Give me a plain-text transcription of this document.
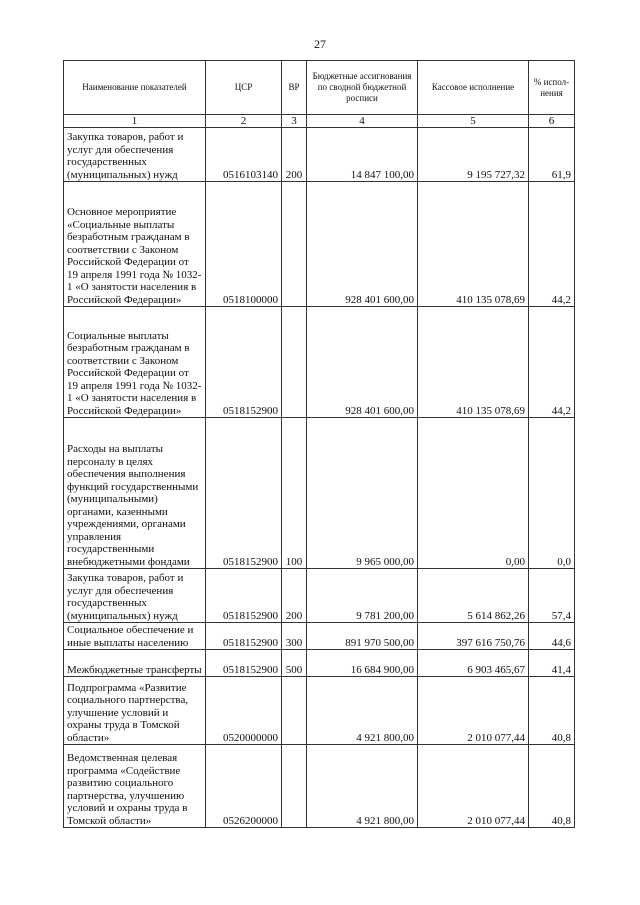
27
Наименование показателей	ЦСР	ВР	Бюджетные ассигнования по сводной бюджетной росписи	Кассовое исполнение	% испол-нения
1	2	3	4	5	6
Закупка товаров, работ и услуг для обеспечения государственных (муниципальных) нужд	0516103140	200	14 847 100,00	9 195 727,32	61,9
Основное мероприятие «Социальные выплаты безработным гражданам в соответствии с Законом Российской Федерации от 19 апреля 1991 года № 1032-1 «О занятости населения в Российской Федерации»	0518100000		928 401 600,00	410 135 078,69	44,2
Социальные выплаты безработным гражданам в соответствии с Законом Российской Федерации от 19 апреля 1991 года № 1032-1 «О занятости населения в Российской Федерации»	0518152900		928 401 600,00	410 135 078,69	44,2
Расходы на выплаты персоналу в целях обеспечения выполнения функций государственными (муниципальными) органами, казенными учреждениями, органами управления государственными внебюджетными фондами	0518152900	100	9 965 000,00	0,00	0,0
Закупка товаров, работ и услуг для обеспечения государственных (муниципальных) нужд	0518152900	200	9 781 200,00	5 614 862,26	57,4
Социальное обеспечение и иные выплаты населению	0518152900	300	891 970 500,00	397 616 750,76	44,6
Межбюджетные трансферты	0518152900	500	16 684 900,00	6 903 465,67	41,4
Подпрограмма «Развитие социального партнерства, улучшение условий и охраны труда в Томской области»	0520000000		4 921 800,00	2 010 077,44	40,8
Ведомственная целевая программа «Содействие развитию социального партнерства, улучшению условий и охраны труда в Томской области»	0526200000		4 921 800,00	2 010 077,44	40,8
